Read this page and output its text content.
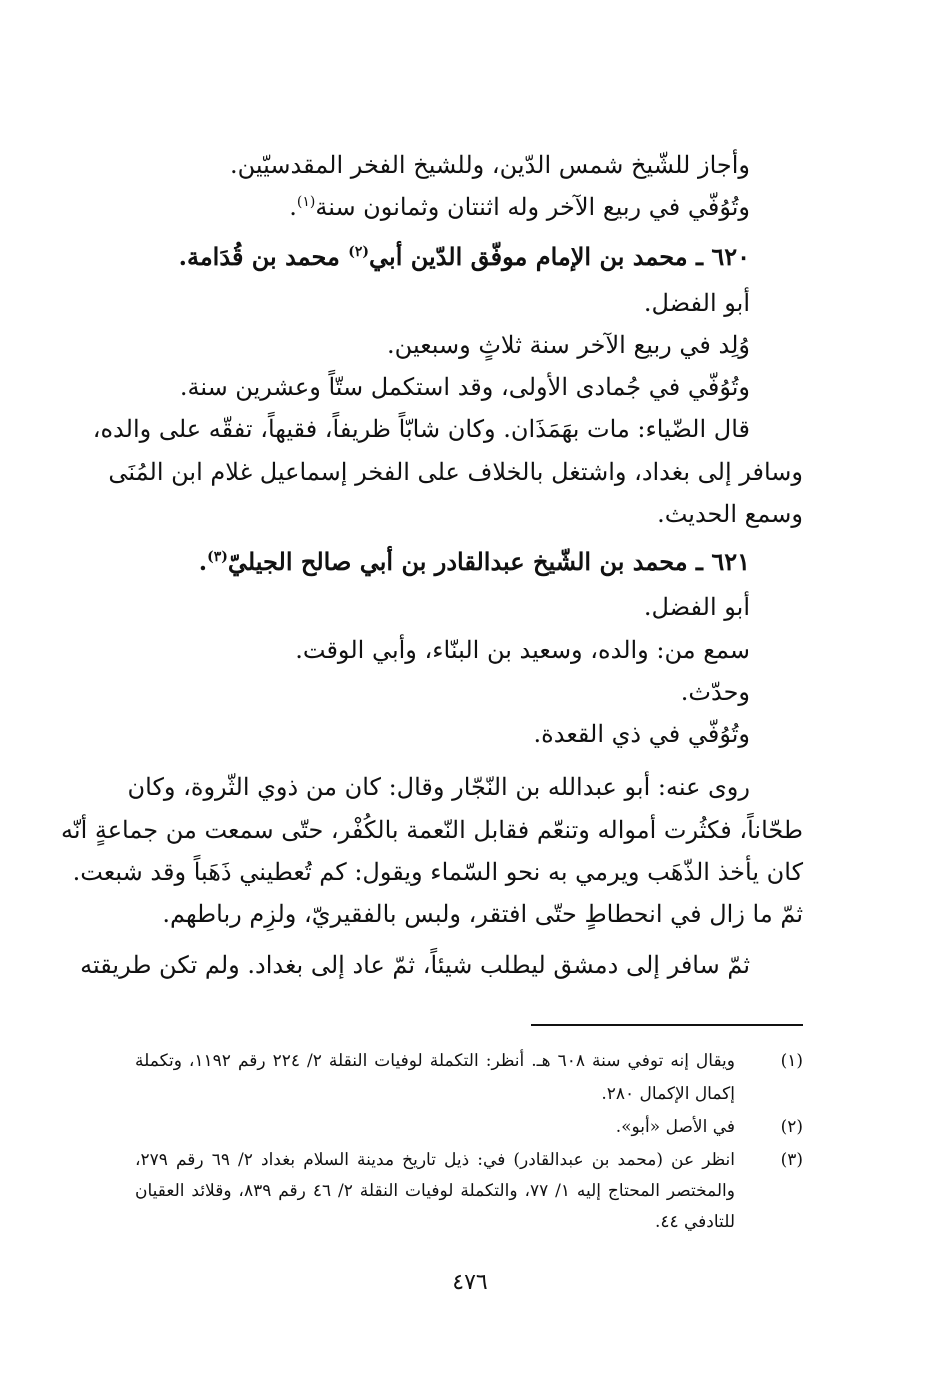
وأجاز للشّيخ شمس الدّين، وللشيخ الفخر المقدسيّين.
وتُوُفّي في ربيع الآخر وله اثنتان وثمانون سنة$^{(١)}$.
٦٢٠ ـ محمد بن الإمام موفّق الدّين أبي$^{(٢)}$ محمد بن قُدَامة.
أبو الفضل.
وُلِد في ربيع الآخر سنة ثلاثٍ وسبعين.
وتُوُفّي في جُمادى الأولى، وقد استكمل ستّاً وعشرين سنة.
قال الضّياء: مات بهَمَذَان. وكان شابّاً ظريفاً، فقيهاً، تفقّه على والده،
وسافر إلى بغداد، واشتغل بالخلاف على الفخر إسماعيل غلام ابن المُنَى
وسمع الحديث.
٦٢١ ـ محمد بن الشّيخ عبدالقادر بن أبي صالح الجيليّ$^{(٣)}$.
أبو الفضل.
سمع من: والده، وسعيد بن البنّاء، وأبي الوقت.
وحدّث.
وتُوُفّي في ذي القعدة.
روى عنه: أبو عبدالله بن النّجّار وقال: كان من ذوي الثّروة، وكان
طحّاناً، فكثُرت أمواله وتنعّم فقابل النّعمة بالكُفْر، حتّى سمعت من جماعةٍ أنّه
كان يأخذ الذّهَب ويرمي به نحو السّماء ويقول: كم تُعطيني ذَهَباً وقد شبعت.
ثمّ ما زال في انحطاطٍ حتّى افتقر، ولبس بالفقيريّ، ولزِم رباطهم.
ثمّ سافر إلى دمشق ليطلب شيئاً، ثمّ عاد إلى بغداد. ولم تكن طريقته
(١)
ويقال إنه توفي سنة ٦٠٨ هـ. أنظر: التكملة لوفيات النقلة ٢/ ٢٢٤ رقم ١١٩٢، وتكملة
إكمال الإكمال ٢٨٠.
(٢)
في الأصل «أبو».
(٣)
انظر عن (محمد بن عبدالقادر) في: ذيل تاريخ مدينة السلام بغداد ٢/ ٦٩ رقم ٢٧٩،
والمختصر المحتاج إليه ١/ ٧٧، والتكملة لوفيات النقلة ٢/ ٤٦ رقم ٨٣٩، وقلائد العقيان
للتادفي ٤٤.
٤٧٦
